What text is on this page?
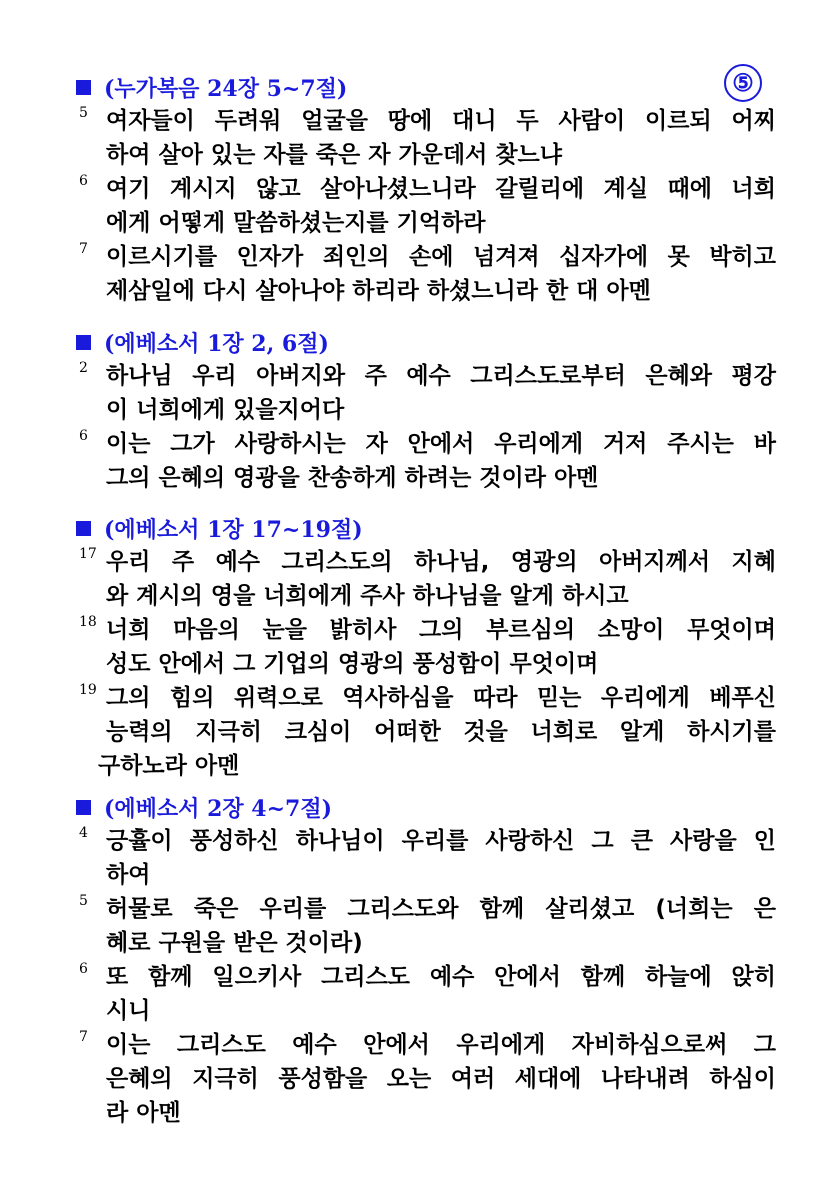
⑤
(누가복음 24장 5~7절)
5 여자들이 두려워 얼굴을 땅에 대니 두 사람이 이르되 어찌
하여 살아 있는 자를 죽은 자 가운데서 찾느냐
6 여기 계시지 않고 살아나셨느니라 갈릴리에 계실 때에 너희
에게 어떻게 말씀하셨는지를 기억하라
7 이르시기를 인자가 죄인의 손에 넘겨져 십자가에 못 박히고
제삼일에 다시 살아나야 하리라 하셨느니라 한 대 아멘
(에베소서 1장 2, 6절)
2 하나님 우리 아버지와 주 예수 그리스도로부터 은혜와 평강
이 너희에게 있을지어다
6 이는 그가 사랑하시는 자 안에서 우리에게 거저 주시는 바
그의 은혜의 영광을 찬송하게 하려는 것이라 아멘
(에베소서 1장 17~19절)
17 우리 주 예수 그리스도의 하나님, 영광의 아버지께서 지혜
와 계시의 영을 너희에게 주사 하나님을 알게 하시고
18 너희 마음의 눈을 밝히사 그의 부르심의 소망이 무엇이며
성도 안에서 그 기업의 영광의 풍성함이 무엇이며
19 그의 힘의 위력으로 역사하심을 따라 믿는 우리에게 베푸신
능력의 지극히 크심이 어떠한 것을 너희로 알게 하시기를
구하노라 아멘
(에베소서 2장 4~7절)
4 긍휼이 풍성하신 하나님이 우리를 사랑하신 그 큰 사랑을 인
하여
5 허물로 죽은 우리를 그리스도와 함께 살리셨고 (너희는 은
혜로 구원을 받은 것이라)
6 또 함께 일으키사 그리스도 예수 안에서 함께 하늘에 앉히
시니
7 이는 그리스도 예수 안에서 우리에게 자비하심으로써 그
은혜의 지극히 풍성함을 오는 여러 세대에 나타내려 하심이
라 아멘
